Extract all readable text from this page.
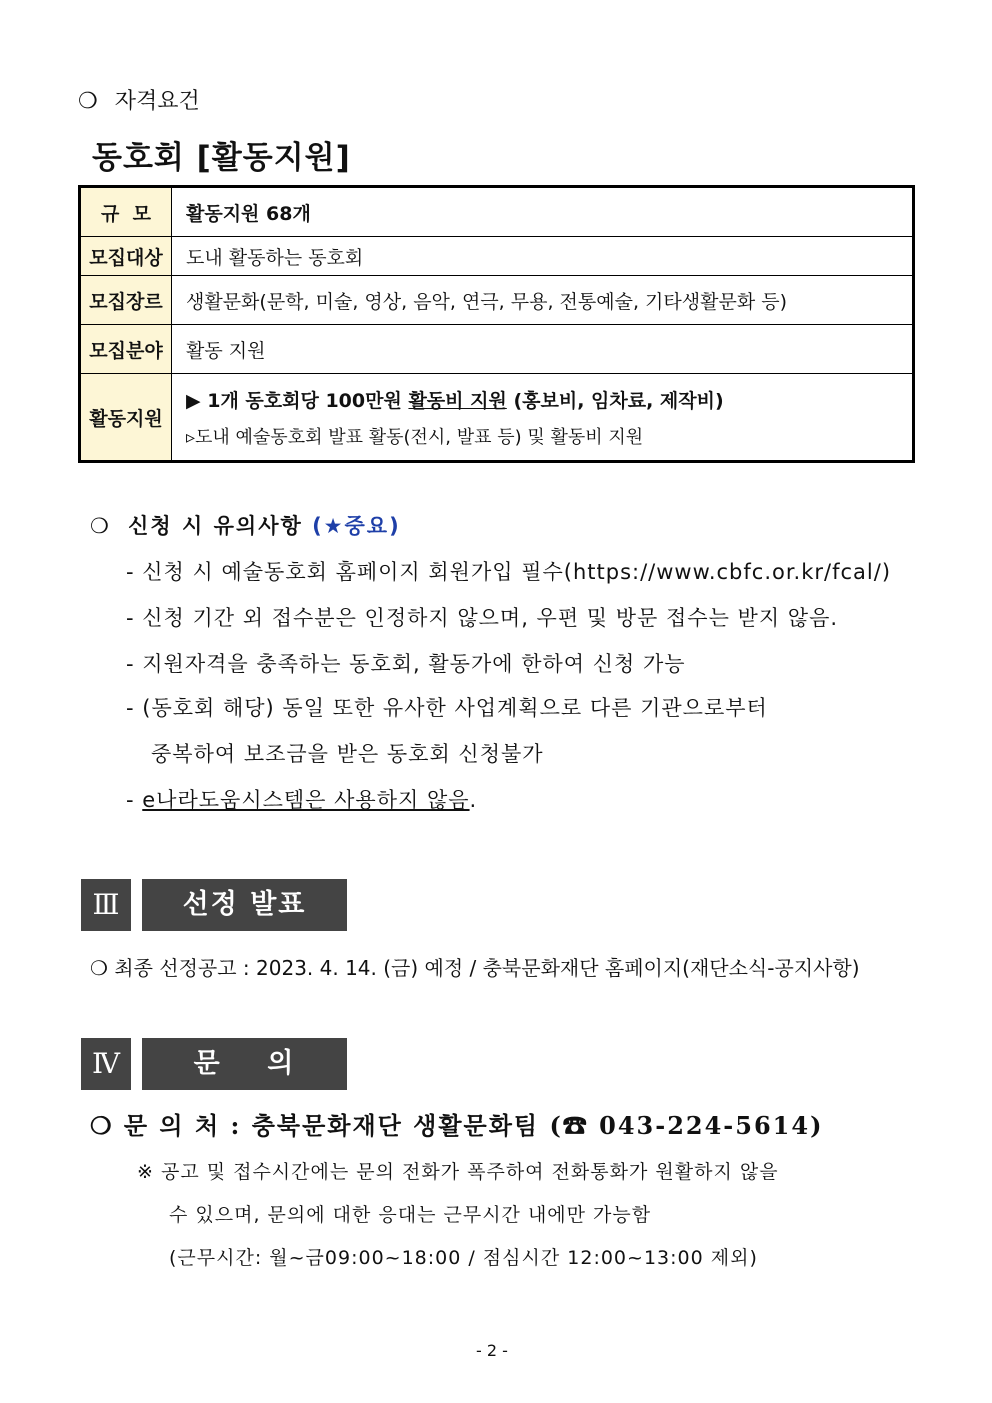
❍ 자격요건
동호회 [활동지원]
규  모	활동지원 68개
모집대상	도내 활동하는 동호회
모집장르	생활문화(문학, 미술, 영상, 음악, 연극, 무용, 전통예술, 기타생활문화 등)
모집분야	활동 지원
활동지원	▶ 1개 동호회당 100만원 활동비 지원 (홍보비, 임차료, 제작비)
▹도내 예술동호회 발표 활동(전시, 발표 등) 및 활동비 지원
❍ 신청 시 유의사항 (★중요)
- 신청 시 예술동호회 홈페이지 회원가입 필수(https://www.cbfc.or.kr/fcal/)
- 신청 기간 외 접수분은 인정하지 않으며, 우편 및 방문 접수는 받지 않음.
- 지원자격을 충족하는 동호회, 활동가에 한하여 신청 가능
- (동호회 해당) 동일 또한 유사한 사업계획으로 다른 기관으로부터
중복하여 보조금을 받은 동호회 신청불가
- e나라도움시스템은 사용하지 않음.
Ⅲ	선정 발표
❍ 최종 선정공고 : 2023. 4. 14. (금) 예정 / 충북문화재단 홈페이지(재단소식-공지사항)
Ⅳ	문    의
❍ 문 의 처 : 충북문화재단 생활문화팀 (☎ 043-224-5614)
※ 공고 및 접수시간에는 문의 전화가 폭주하여 전화통화가 원활하지 않을
수 있으며, 문의에 대한 응대는 근무시간 내에만 가능함
(근무시간: 월~금09:00~18:00 / 점심시간 12:00~13:00 제외)
- 2 -
